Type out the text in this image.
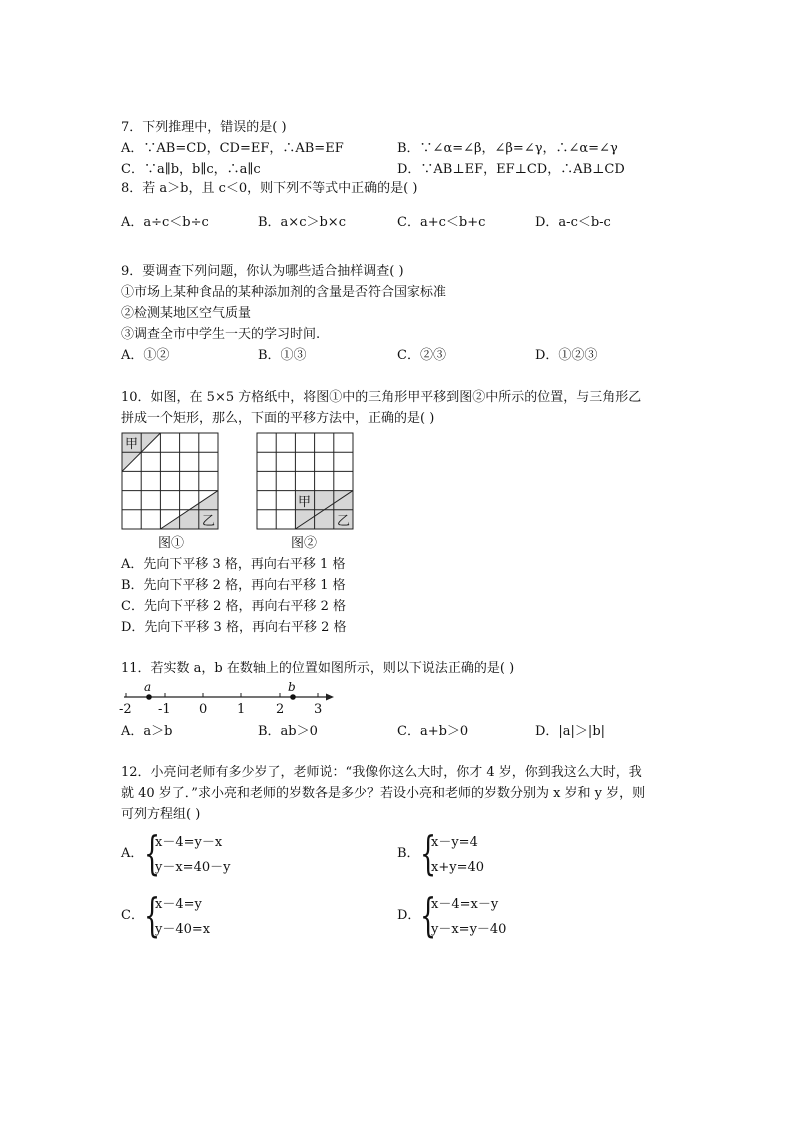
7．下列推理中，错误的是( )
A．∵AB=CD，CD=EF，∴AB=EF	B．∵∠α=∠β，∠β=∠γ，∴∠α=∠γ
C．∵a∥b，b∥c，∴a∥c	D．∵AB⊥EF，EF⊥CD，∴AB⊥CD
8．若 a＞b，且 c＜0，则下列不等式中正确的是( )
A．a÷c＜b÷c	B．a×c＞b×c	C．a+c＜b+c	D．a-c＜b-c
9．要调查下列问题，你认为哪些适合抽样调查( )
①市场上某种食品的某种添加剂的含量是否符合国家标准
②检测某地区空气质量
③调查全市中学生一天的学习时间.
A．①②	B．①③	C．②③	D．①②③
10．如图，在 5×5 方格纸中，将图①中的三角形甲平移到图②中所示的位置，与三角形乙
拼成一个矩形，那么，下面的平移方法中，正确的是( )
甲
乙
图①
甲
乙
图②
A．先向下平移 3 格，再向右平移 1 格
B．先向下平移 2 格，再向右平移 1 格
C．先向下平移 2 格，再向右平移 2 格
D．先向下平移 3 格，再向右平移 2 格
11．若实数 a，b 在数轴上的位置如图所示，则以下说法正确的是( )
a	b
-2 -1 0 1 2 3
A．a＞b	B．ab＞0	C．a+b＞0	D．|a|＞|b|
12．小亮问老师有多少岁了，老师说：“我像你这么大时，你才 4 岁，你到我这么大时，我
就 40 岁了．”求小亮和老师的岁数各是多少？若设小亮和老师的岁数分别为 x 岁和 y 岁，则
可列方程组( )
A． {
x－4=y－x
y－x=40－y
B． {
x－y=4
x+y=40
C． {
x－4=y
y－40=x
D． {
x－4=x－y
y－x=y－40
